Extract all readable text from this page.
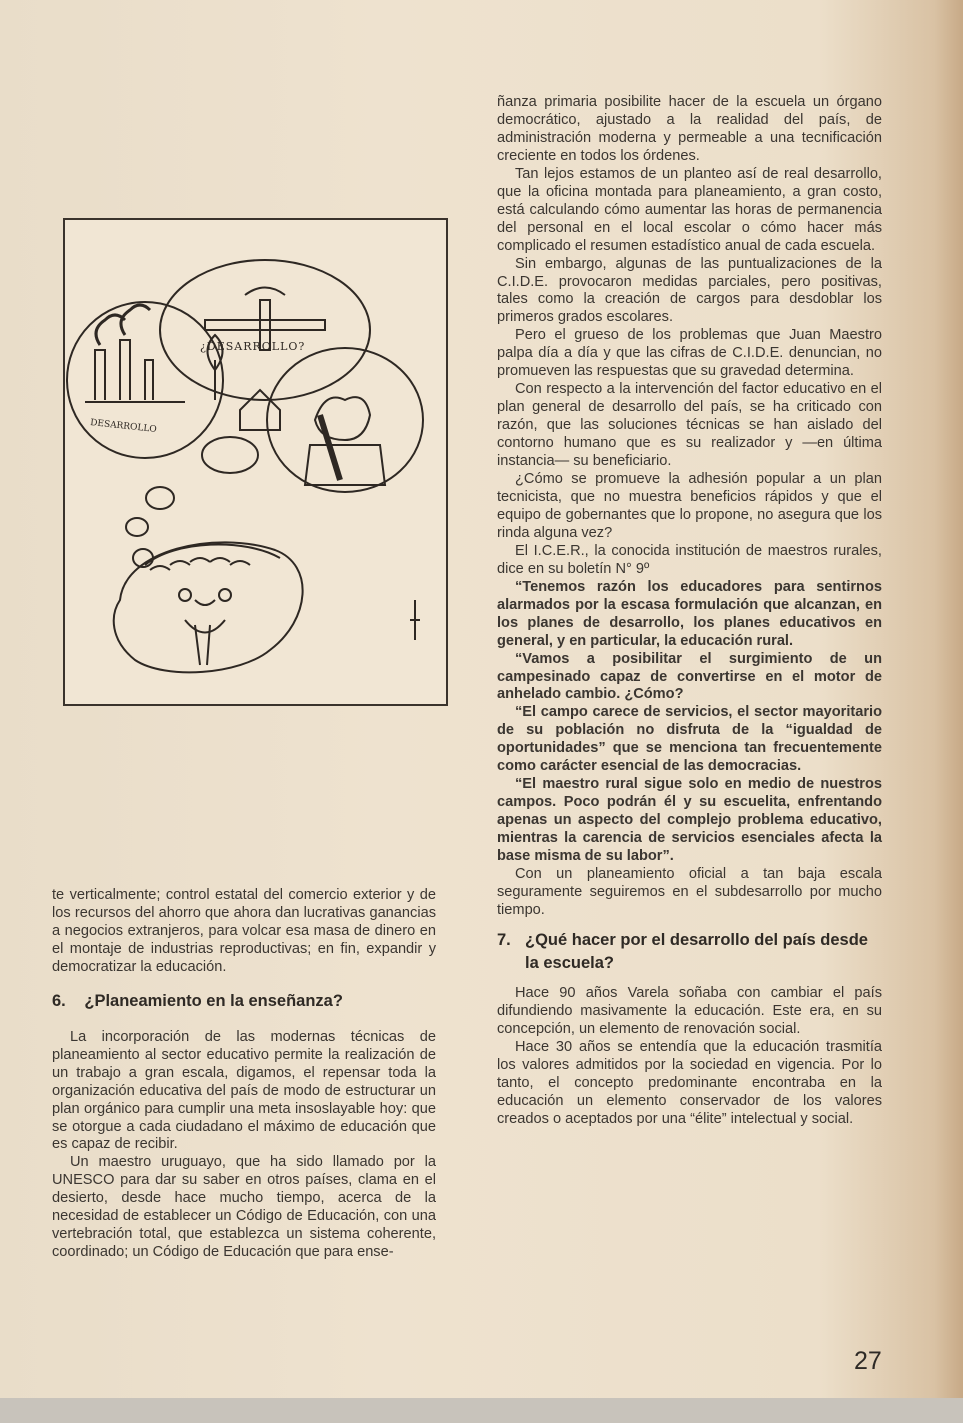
¿DESARROLLO?
DESARROLLO

te verticalmente; control estatal del comercio exterior y de los recursos del ahorro que ahora dan lucrativas ganancias a negocios extranjeros, para volcar esa masa de dinero en el montaje de industrias reproductivas; en fin, expandir y democratizar la educación.

6. ¿Planeamiento en la enseñanza?

La incorporación de las modernas técnicas de planeamiento al sector educativo permite la realización de un trabajo a gran escala, digamos, el repensar toda la organización educativa del país de modo de estructurar un plan orgánico para cumplir una meta insoslayable hoy: que se otorgue a cada ciudadano el máximo de educación que es capaz de recibir.

Un maestro uruguayo, que ha sido llamado por la UNESCO para dar su saber en otros países, clama en el desierto, desde hace mucho tiempo, acerca de la necesidad de establecer un Código de Educación, con una vertebración total, que establezca un sistema coherente, coordinado; un Código de Educación que para ense-

ñanza primaria posibilite hacer de la escuela un órgano democrático, ajustado a la realidad del país, de administración moderna y permeable a una tecnificación creciente en todos los órdenes.

Tan lejos estamos de un planteo así de real desarrollo, que la oficina montada para planeamiento, a gran costo, está calculando cómo aumentar las horas de permanencia del personal en el local escolar o cómo hacer más complicado el resumen estadístico anual de cada escuela.

Sin embargo, algunas de las puntualizaciones de la C.I.D.E. provocaron medidas parciales, pero positivas, tales como la creación de cargos para desdoblar los primeros grados escolares.

Pero el grueso de los problemas que Juan Maestro palpa día a día y que las cifras de C.I.D.E. denuncian, no promueven las respuestas que su gravedad determina.

Con respecto a la intervención del factor educativo en el plan general de desarrollo del país, se ha criticado con razón, que las soluciones técnicas se han aislado del contorno humano que es su realizador y —en última instancia— su beneficiario.

¿Cómo se promueve la adhesión popular a un plan tecnicista, que no muestra beneficios rápidos y que el equipo de gobernantes que lo propone, no asegura que los rinda alguna vez?

El I.C.E.R., la conocida institución de maestros rurales, dice en su boletín N° 9º

“Tenemos razón los educadores para sentirnos alarmados por la escasa formulación que alcanzan, en los planes de desarrollo, los planes educativos en general, y en particular, la educación rural.

“Vamos a posibilitar el surgimiento de un campesinado capaz de convertirse en el motor de anhelado cambio. ¿Cómo?

“El campo carece de servicios, el sector mayoritario de su población no disfruta de la “igualdad de oportunidades” que se menciona tan frecuentemente como carácter esencial de las democracias.

“El maestro rural sigue solo en medio de nuestros campos. Poco podrán él y su escuelita, enfrentando apenas un aspecto del complejo problema educativo, mientras la carencia de servicios esenciales afecta la base misma de su labor”.

Con un planeamiento oficial a tan baja escala seguramente seguiremos en el subdesarrollo por mucho tiempo.

7. ¿Qué hacer por el desarrollo del país desde la escuela?

Hace 90 años Varela soñaba con cambiar el país difundiendo masivamente la educación. Este era, en su concepción, un elemento de renovación social.

Hace 30 años se entendía que la educación trasmitía los valores admitidos por la sociedad en vigencia. Por lo tanto, el concepto predominante encontraba en la educación un elemento conservador de los valores creados o aceptados por una “élite” intelectual y social.

27
